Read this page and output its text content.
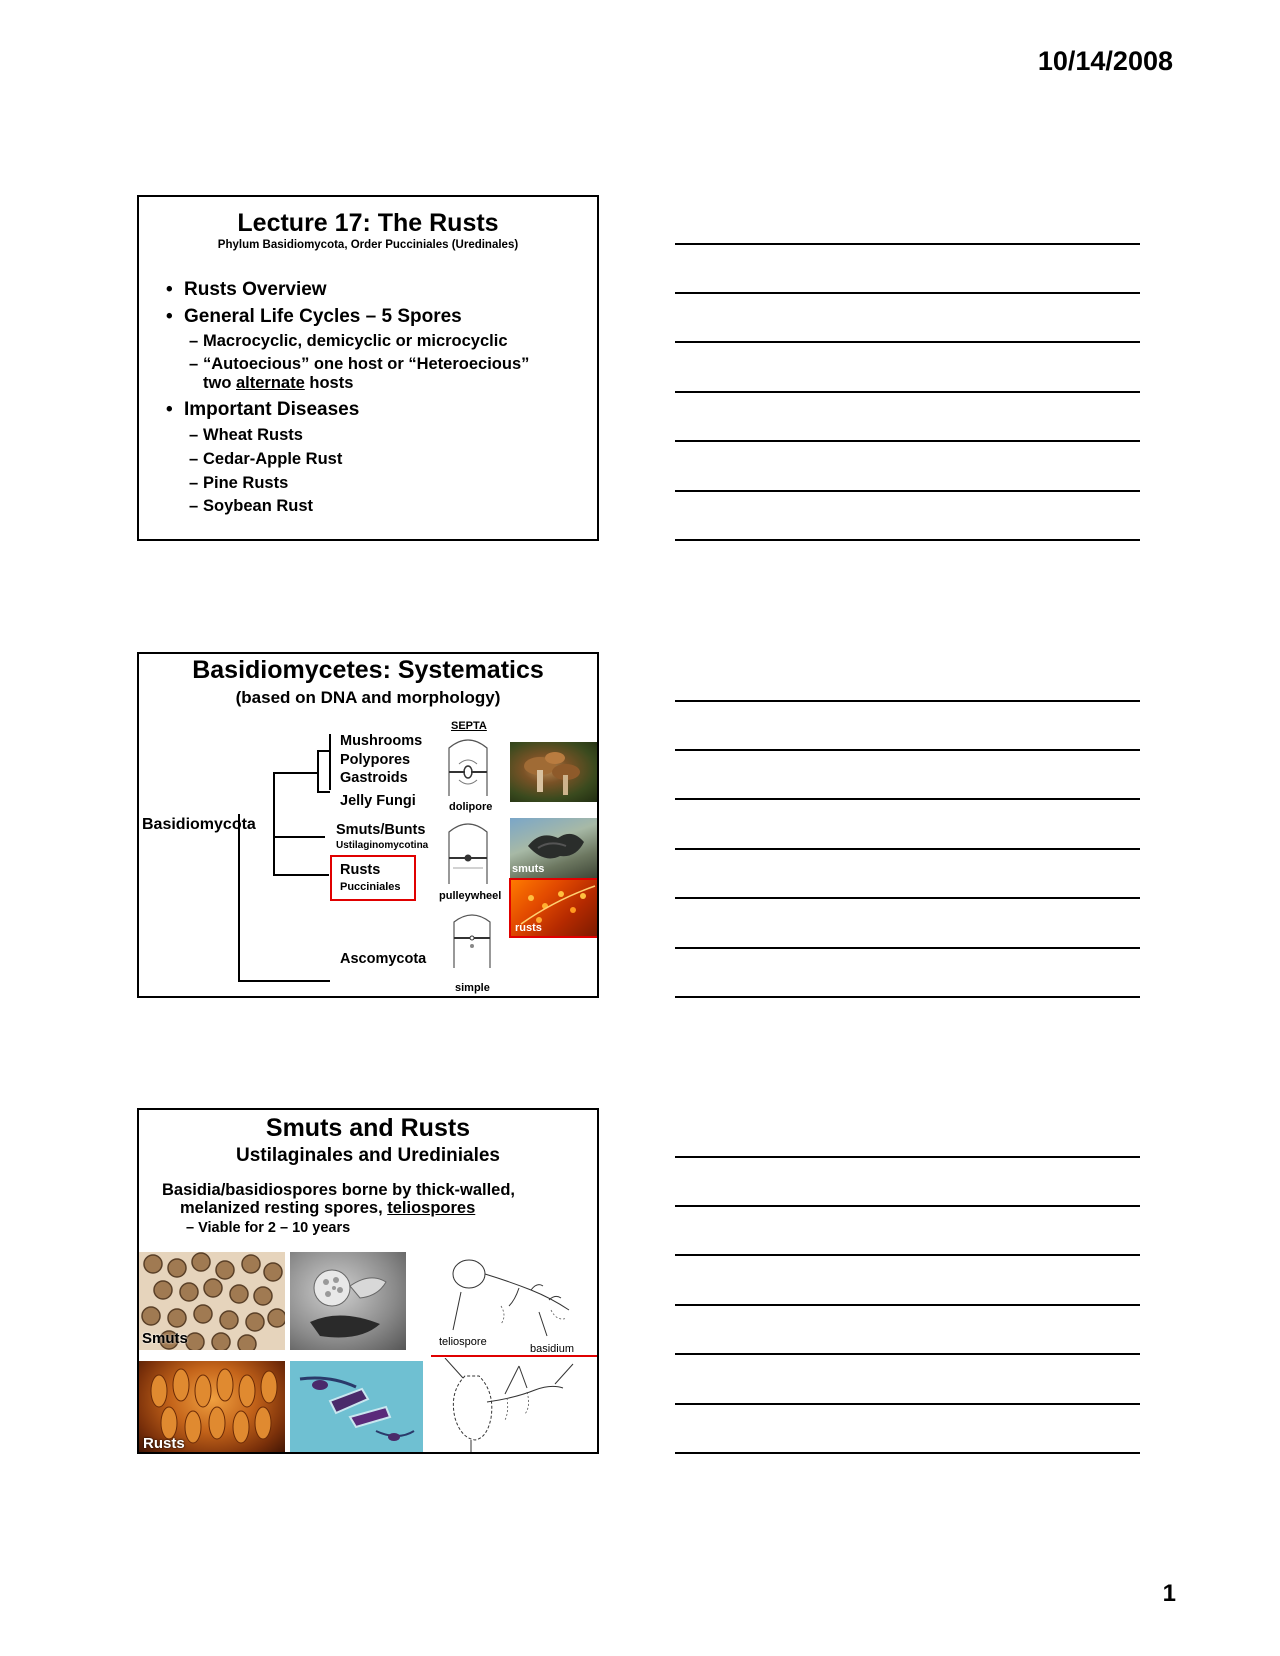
10/14/2008
Lecture 17: The Rusts
Phylum Basidiomycota, Order Pucciniales (Uredinales)
• Rusts Overview
• General Life Cycles – 5 Spores
– Macrocyclic, demicyclic or microcyclic
– “Autoecious” one host or “Heteroecious”
two alternate hosts
• Important Diseases
– Wheat Rusts
– Cedar-Apple Rust
– Pine Rusts
– Soybean Rust
Basidiomycetes: Systematics
(based on DNA and morphology)
Basidiomycota
Mushrooms
Polypores
Gastroids
Jelly Fungi
Smuts/Bunts
Ustilaginomycotina
Rusts
Pucciniales
Ascomycota
SEPTA
dolipore
pulleywheel
simple
smuts
rusts
Smuts and Rusts
Ustilaginales and Urediniales
Basidia/basidiospores borne by thick-walled,
melanized resting spores, teliospores
– Viable for 2 – 10 years
Smuts
Rusts
teliospore
basidium
1
